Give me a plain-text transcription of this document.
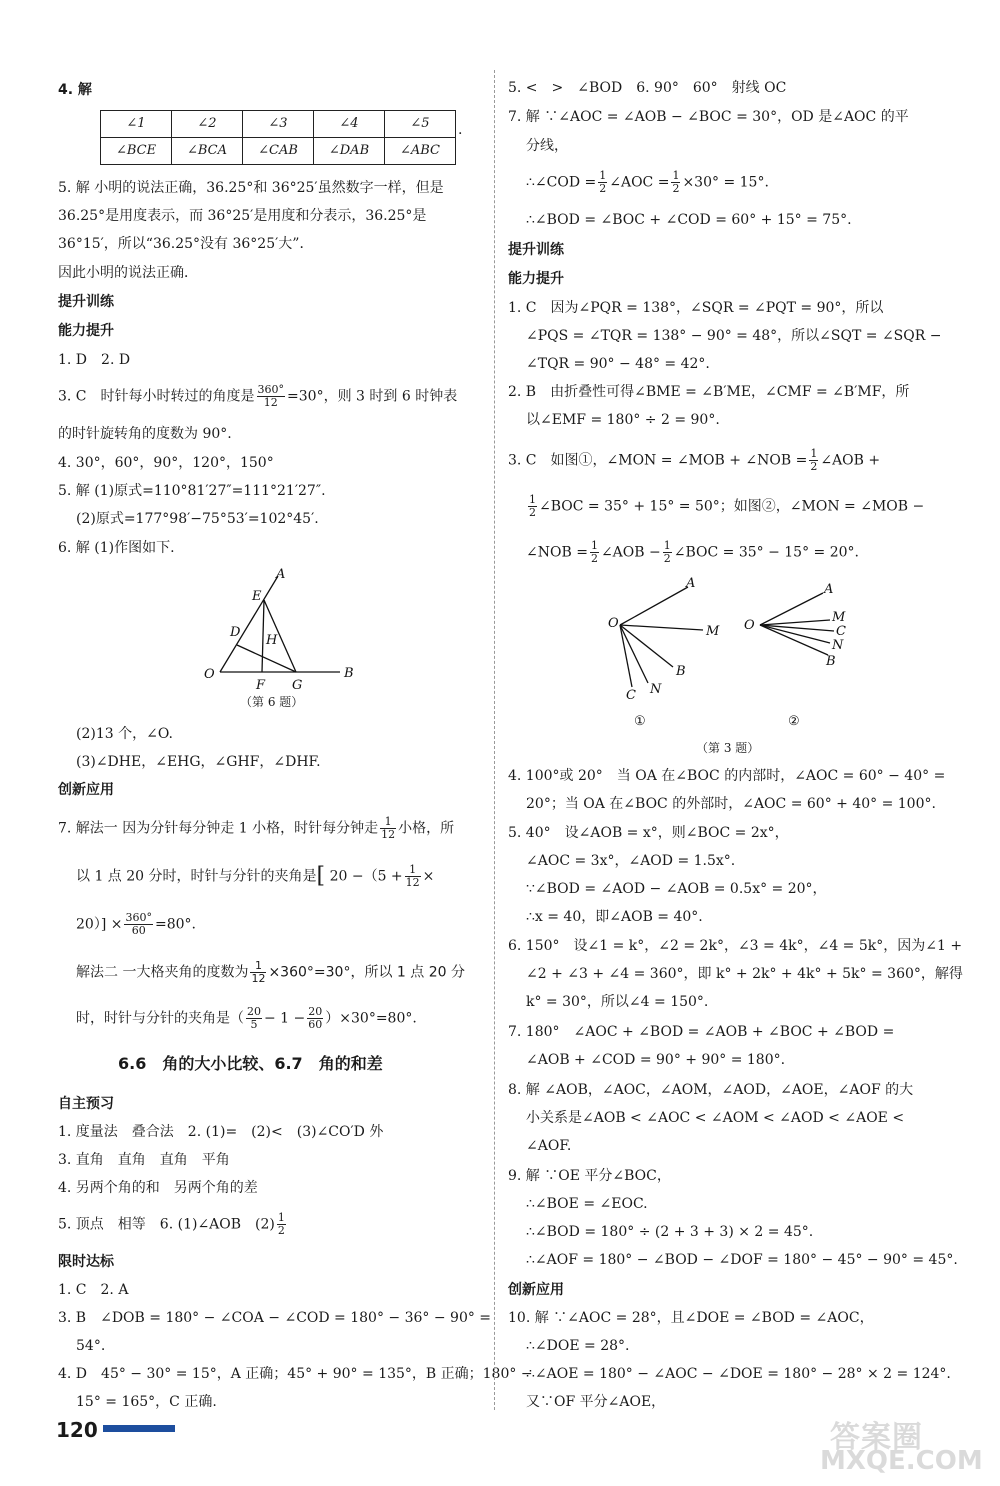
4. 解
∠1	∠2	∠3	∠4	∠5
∠BCE	∠BCA	∠CAB	∠DAB	∠ABC
.
5. 解 小明的说法正确，36.25°和 36°25′虽然数字一样，但是
36.25°是用度表示，而 36°25′是用度和分表示，36.25°是
36°15′，所以“36.25°没有 36°25′大”．
因此小明的说法正确．
提升训练
能力提升
1. D　2. D
3. C　时针每小时转过的角度是 $\frac{360^\circ}{12} =30^\circ$，则 3 时到 6 时钟表
的时针旋转角的度数为 90°.
4. 30°，60°，90°，120°，150°
5. 解 (1)原式=110°81′27″=111°21′27″.
(2)原式=177°98′−75°53′=102°45′.
6. 解 (1)作图如下.
A
E
D
H
O
F G
B
（第 6 题）
(2)13 个，∠O.
(3)∠DHE，∠EHG，∠GHF，∠DHF.
创新应用
7. 解法一 因为分针每分钟走 1 小格，时针每分钟走 $\frac{1}{12}$ 小格，所
以 1 点 20 分时，时针与分针的夹角是[ $20 -(5 + \frac{1}{12}$ ×
$20)] \times \frac{360^\circ}{60} =80^\circ$.
解法二 一大格夹角的度数为 $\frac{1}{12} \times 360^\circ=30^\circ$，所以 1 点 20 分
时，时针与分针的夹角是（ $\frac{20}{5} - 1 - \frac{20}{60} )\times 30^\circ=80^\circ$.
6.6　角的大小比较、6.7　角的和差
自主预习
1. 度量法　叠合法　2. (1)=　(2)<　(3)∠CO′D 外
3. 直角　直角　直角　平角
4. 另两个角的和　另两个角的差
5. 顶点　相等　6. (1)∠AOB　$(2) \frac{1}{2}$
限时达标
1. C　2. A
3. B　∠DOB = 180° − ∠COA − ∠COD = 180° − 36° − 90° =
54°.
4. D　45° − 30° = 15°，A 正确；45° + 90° = 135°，B 正确；180° −
15° = 165°，C 正确.
5. <　>　∠BOD　6. 90°　60°　射线 OC
7. 解 ∵∠AOC = ∠AOB − ∠BOC = 30°，OD 是∠AOC 的平
分线，
∴∠COD = $\frac{1}{2}$ ∠AOC = $\frac{1}{2} \times 30^\circ = 15^\circ$.
∴∠BOD = ∠BOC + ∠COD = 60° + 15° = 75°.
提升训练
能力提升
1. C　因为∠PQR = 138°，∠SQR = ∠PQT = 90°，所以
∠PQS = ∠TQR = 138° − 90° = 48°，所以∠SQT = ∠SQR −
∠TQR = 90° − 48° = 42°.
2. B　由折叠性可得∠BME = ∠B′ME，∠CMF = ∠B′MF，所
以∠EMF = 180° ÷ 2 = 90°.
3. C　如图①，∠MON = ∠MOB + ∠NOB = $\frac{1}{2}$ ∠AOB +
$\frac{1}{2}$ ∠BOC = 35° + 15° = 50°；如图②，∠MON = ∠MOB −
∠NOB = $\frac{1}{2}$ ∠AOB − $\frac{1}{2}$ ∠BOC = 35° − 15° = 20°.
A
M
O
B
N
C
①
A
M
O	C
N
B
②
（第 3 题）
4. 100°或 20°　当 OA 在∠BOC 的内部时，∠AOC = 60° − 40° =
20°；当 OA 在∠BOC 的外部时，∠AOC = 60° + 40° = 100°.
5. 40°　设∠AOB = x°，则∠BOC = 2x°，
∠AOC = 3x°，∠AOD = 1.5x°.
∵∠BOD = ∠AOD − ∠AOB = 0.5x° = 20°，
∴x = 40，即∠AOB = 40°.
6. 150°　设∠1 = k°，∠2 = 2k°，∠3 = 4k°，∠4 = 5k°，因为∠1 +
∠2 + ∠3 + ∠4 = 360°，即 k° + 2k° + 4k° + 5k° = 360°，解得
k° = 30°，所以∠4 = 150°.
7. 180°　∠AOC + ∠BOD = ∠AOB + ∠BOC + ∠BOD =
∠AOB + ∠COD = 90° + 90° = 180°.
8. 解 ∠AOB，∠AOC，∠AOM，∠AOD，∠AOE，∠AOF 的大
小关系是∠AOB < ∠AOC < ∠AOM < ∠AOD < ∠AOE <
∠AOF.
9. 解 ∵OE 平分∠BOC，
∴∠BOE = ∠EOC.
∴∠BOD = 180° ÷ (2 + 3 + 3) × 2 = 45°.
∴∠AOF = 180° − ∠BOD − ∠DOF = 180° − 45° − 90° = 45°.
创新应用
10. 解 ∵∠AOC = 28°，且∠DOE = ∠BOD = ∠AOC，
∴∠DOE = 28°.
∴∠AOE = 180° − ∠AOC − ∠DOE = 180° − 28° × 2 = 124°.
又∵OF 平分∠AOE，
120	答案圈
MXQE.COM
